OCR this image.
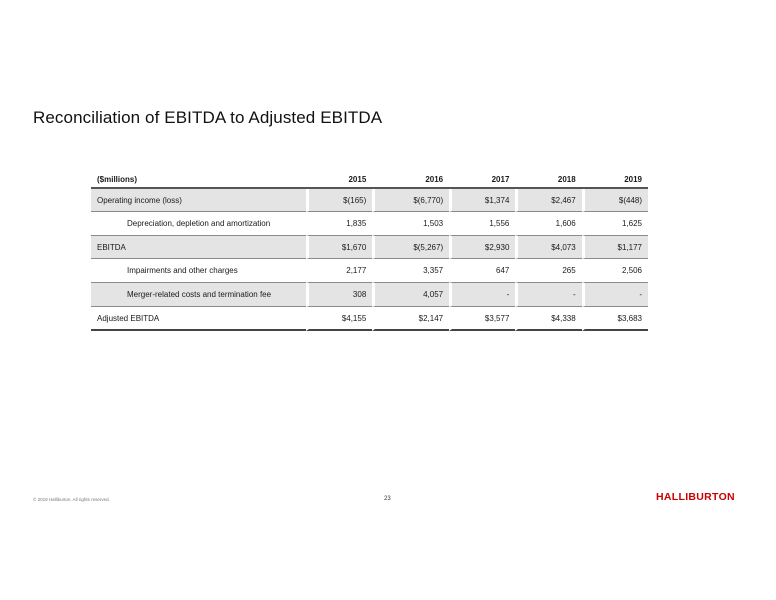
Reconciliation of EBITDA to Adjusted EBITDA
($millions)	2015	2016	2017	2018	2019
Operating income (loss)	$(165)	$(6,770)	$1,374	$2,467	$(448)
Depreciation, depletion and amortization	1,835	1,503	1,556	1,606	1,625
EBITDA	$1,670	$(5,267)	$2,930	$4,073	$1,177
Impairments and other charges	2,177	3,357	647	265	2,506
Merger-related costs and termination fee	308	4,057	-	-	-
Adjusted EBITDA	$4,155	$2,147	$3,577	$4,338	$3,683
© 2019 Halliburton. All rights reserved.	23	HALLIBURTON
